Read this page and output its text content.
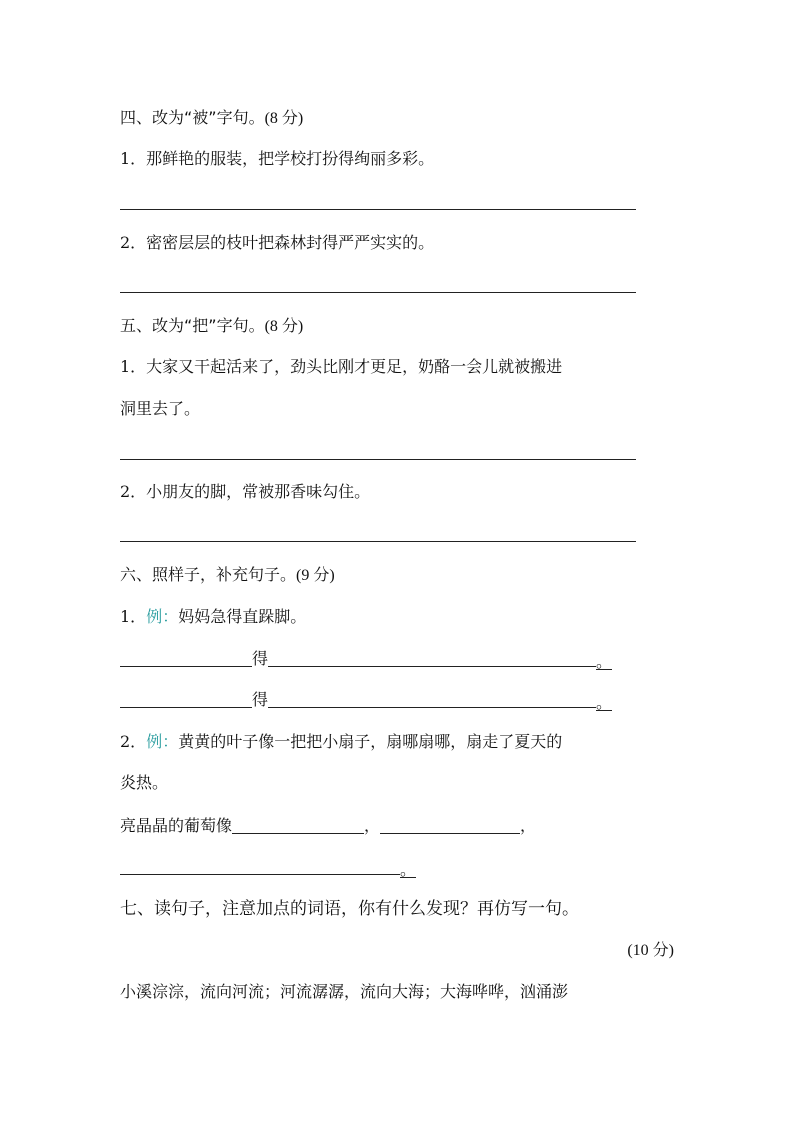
四、改为“被”字句。(8 分)
1．那鲜艳的服装，把学校打扮得绚丽多彩。
2．密密层层的枝叶把森林封得严严实实的。
五、改为“把”字句。(8 分)
1．大家又干起活来了，劲头比刚才更足，奶酪一会儿就被搬进
洞里去了。
2．小朋友的脚，常被那香味勾住。
六、照样子，补充句子。(9 分)
1．例：妈妈急得直跺脚。
得	。
得	。
2．例：黄黄的叶子像一把把小扇子，扇哪扇哪，扇走了夏天的
炎热。
亮晶晶的葡萄像	，	，
。
七、读句子，注意加点的词语，你有什么发现？再仿写一句。
(10 分)
小溪淙淙，流向河流；河流潺潺，流向大海；大海哗哗，汹涌澎
